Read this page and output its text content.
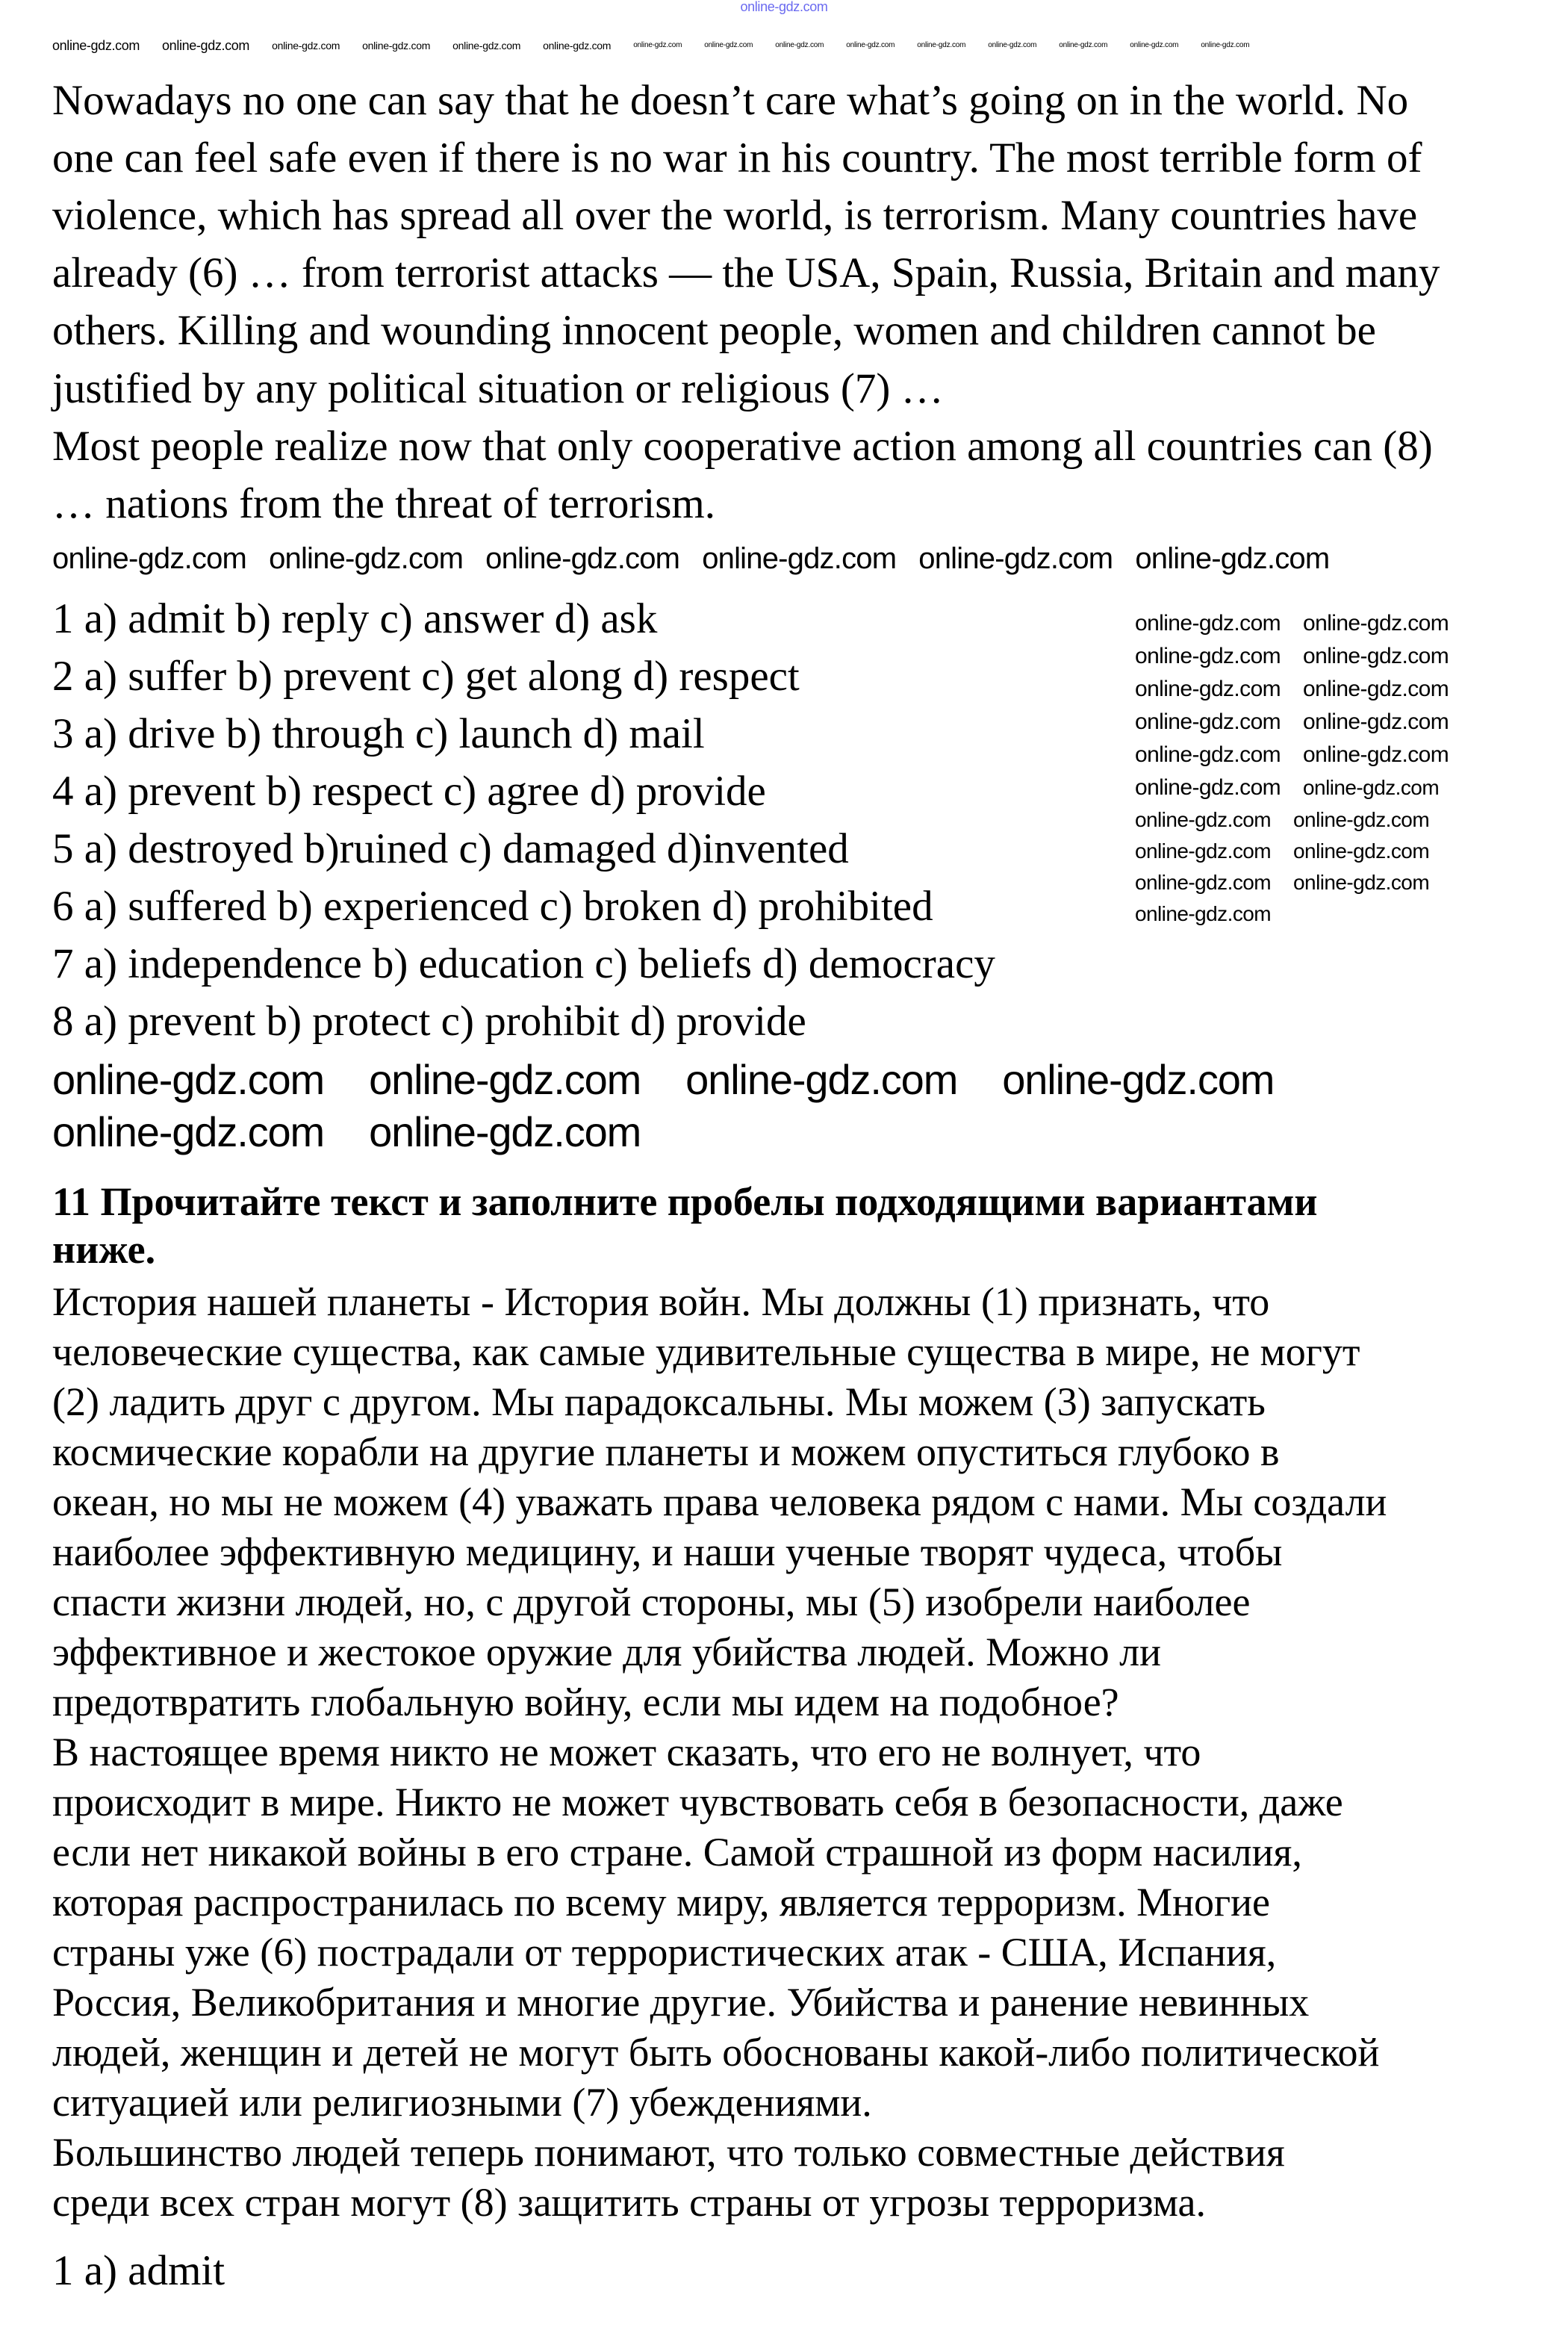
Nowadays no one can say that he doesn’t care what’s going on in the world. No
one can feel safe even if there is no war in his country. The most terrible form of
violence, which has spread all over the world, is terrorism. Many countries have
already (6) … from terrorist attacks — the USA, Spain, Russia, Britain and many
others. Killing and wounding innocent people, women and children cannot be
justified by any political situation or religious (7) …
Most people realize now that only cooperative action among all countries can (8)
… nations from the threat of terrorism.
1 a) admit b) reply c) answer d) ask
2 a) suffer b) prevent c) get along d) respect
3 a) drive b) through c) launch d) mail
4 a) prevent b) respect c) agree d) provide
5 a) destroyed b)ruined c) damaged d)invented
6 a) suffered b) experienced c) broken d) prohibited
7 a) independence b) education c) beliefs d) democracy
8 a) prevent b) protect c) prohibit d) provide
11 Прочитайте текст и заполните пробелы подходящими вариантами
ниже.
История нашей планеты - История войн. Мы должны (1) признать, что
человеческие существа, как самые удивительные существа в мире, не могут
(2) ладить друг с другом. Мы парадоксальны. Мы можем (3) запускать
космические корабли на другие планеты и можем опуститься глубоко в
океан, но мы не можем (4) уважать права человека рядом с нами. Мы создали
наиболее эффективную медицину, и наши ученые творят чудеса, чтобы
спасти жизни людей, но, с другой стороны, мы (5) изобрели наиболее
эффективное и жестокое оружие для убийства людей. Можно ли
предотвратить глобальную войну, если мы идем на подобное?
В настоящее время никто не может сказать, что его не волнует, что
происходит в мире. Никто не может чувствовать себя в безопасности, даже
если нет никакой войны в его стране. Самой страшной из форм насилия,
которая распространилась по всему миру, является терроризм. Многие
страны уже (6) пострадали от террористических атак - США, Испания,
Россия, Великобритания и многие другие. Убийства и ранение невинных
людей, женщин и детей не могут быть обоснованы какой-либо политической
ситуацией или религиозными (7) убеждениями.
Большинство людей теперь понимают, что только совместные действия
среди всех стран могут (8) защитить страны от угрозы терроризма.
1 a) admit
online-gdz.com
online-gdz.com online-gdz.com online-gdz.com online-gdz.com online-gdz.com online-gdz.com	online-gdz.com	online-gdz.com	online-gdz.com	online-gdz.com	online-gdz.com	online-gdz.com	online-gdz.com	online-gdz.com	online-gdz.com
online-gdz.com online-gdz.com online-gdz.com online-gdz.com online-gdz.com online-gdz.com
online-gdz.com online-gdz.com
online-gdz.com online-gdz.com
online-gdz.com online-gdz.com
online-gdz.com online-gdz.com
online-gdz.com online-gdz.com
online-gdz.com online-gdz.com
online-gdz.com online-gdz.com
online-gdz.com online-gdz.com
online-gdz.com online-gdz.com
online-gdz.com
online-gdz.com online-gdz.com online-gdz.com online-gdz.com
online-gdz.com online-gdz.com
